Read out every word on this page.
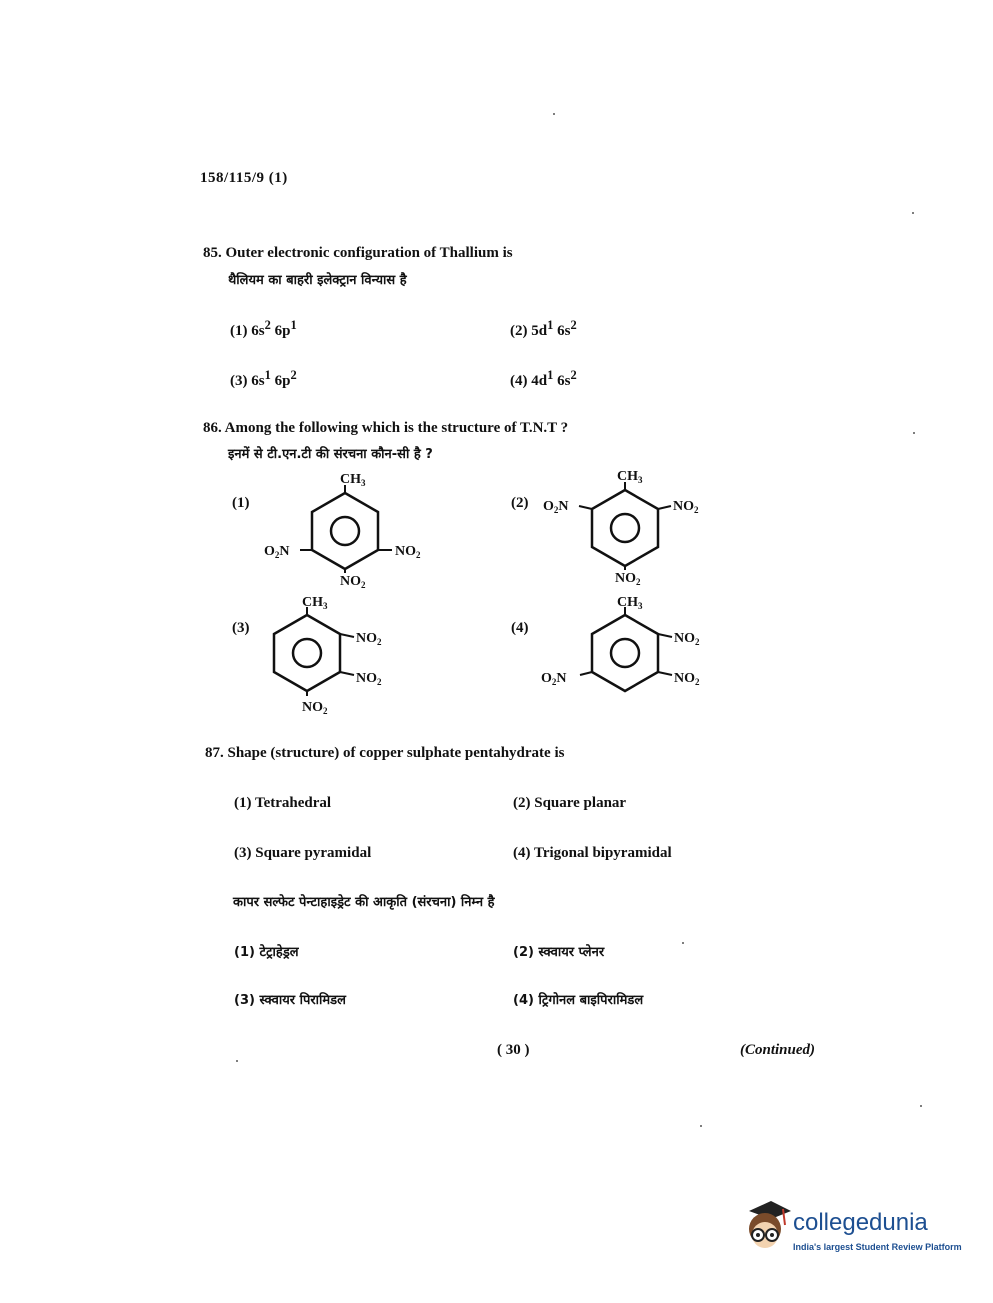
158/115/9 (1)
85. Outer electronic configuration of Thallium is
थैलियम का बाहरी इलेक्ट्रान विन्यास है
(1) $6s^2$ $6p^1$	(2) $5d^1$ $6s^2$
(3) $6s^1$ $6p^2$	(4) $4d^1$ $6s^2$
86. Among the following which is the structure of T.N.T ?
इनमें से टी.एन.टी की संरचना कौन-सी है ?
(1)	(2)
(3)	(4)
$CH_3$
$O_2N$	$NO_2$
$NO_2$
$CH_3$
$O_2N$	$NO_2$
$NO_2$
$CH_3$
$NO_2$
$NO_2$
$NO_2$
$CH_3$
$NO_2$
$NO_2$
$O_2N$
87. Shape (structure) of copper sulphate pentahydrate is
(1) Tetrahedral	(2) Square planar
(3) Square pyramidal	(4) Trigonal bipyramidal
कापर सल्फेट पेन्टाहाइड्रेट की आकृति (संरचना) निम्न है
(1) टेट्राहेड्रल	(2) स्क्वायर प्लेनर
(3) स्क्वायर पिरामिडल	(4) ट्रिगोनल बाइपिरामिडल
( 30 )	(Continued)
collegedunia
India's largest Student Review Platform
